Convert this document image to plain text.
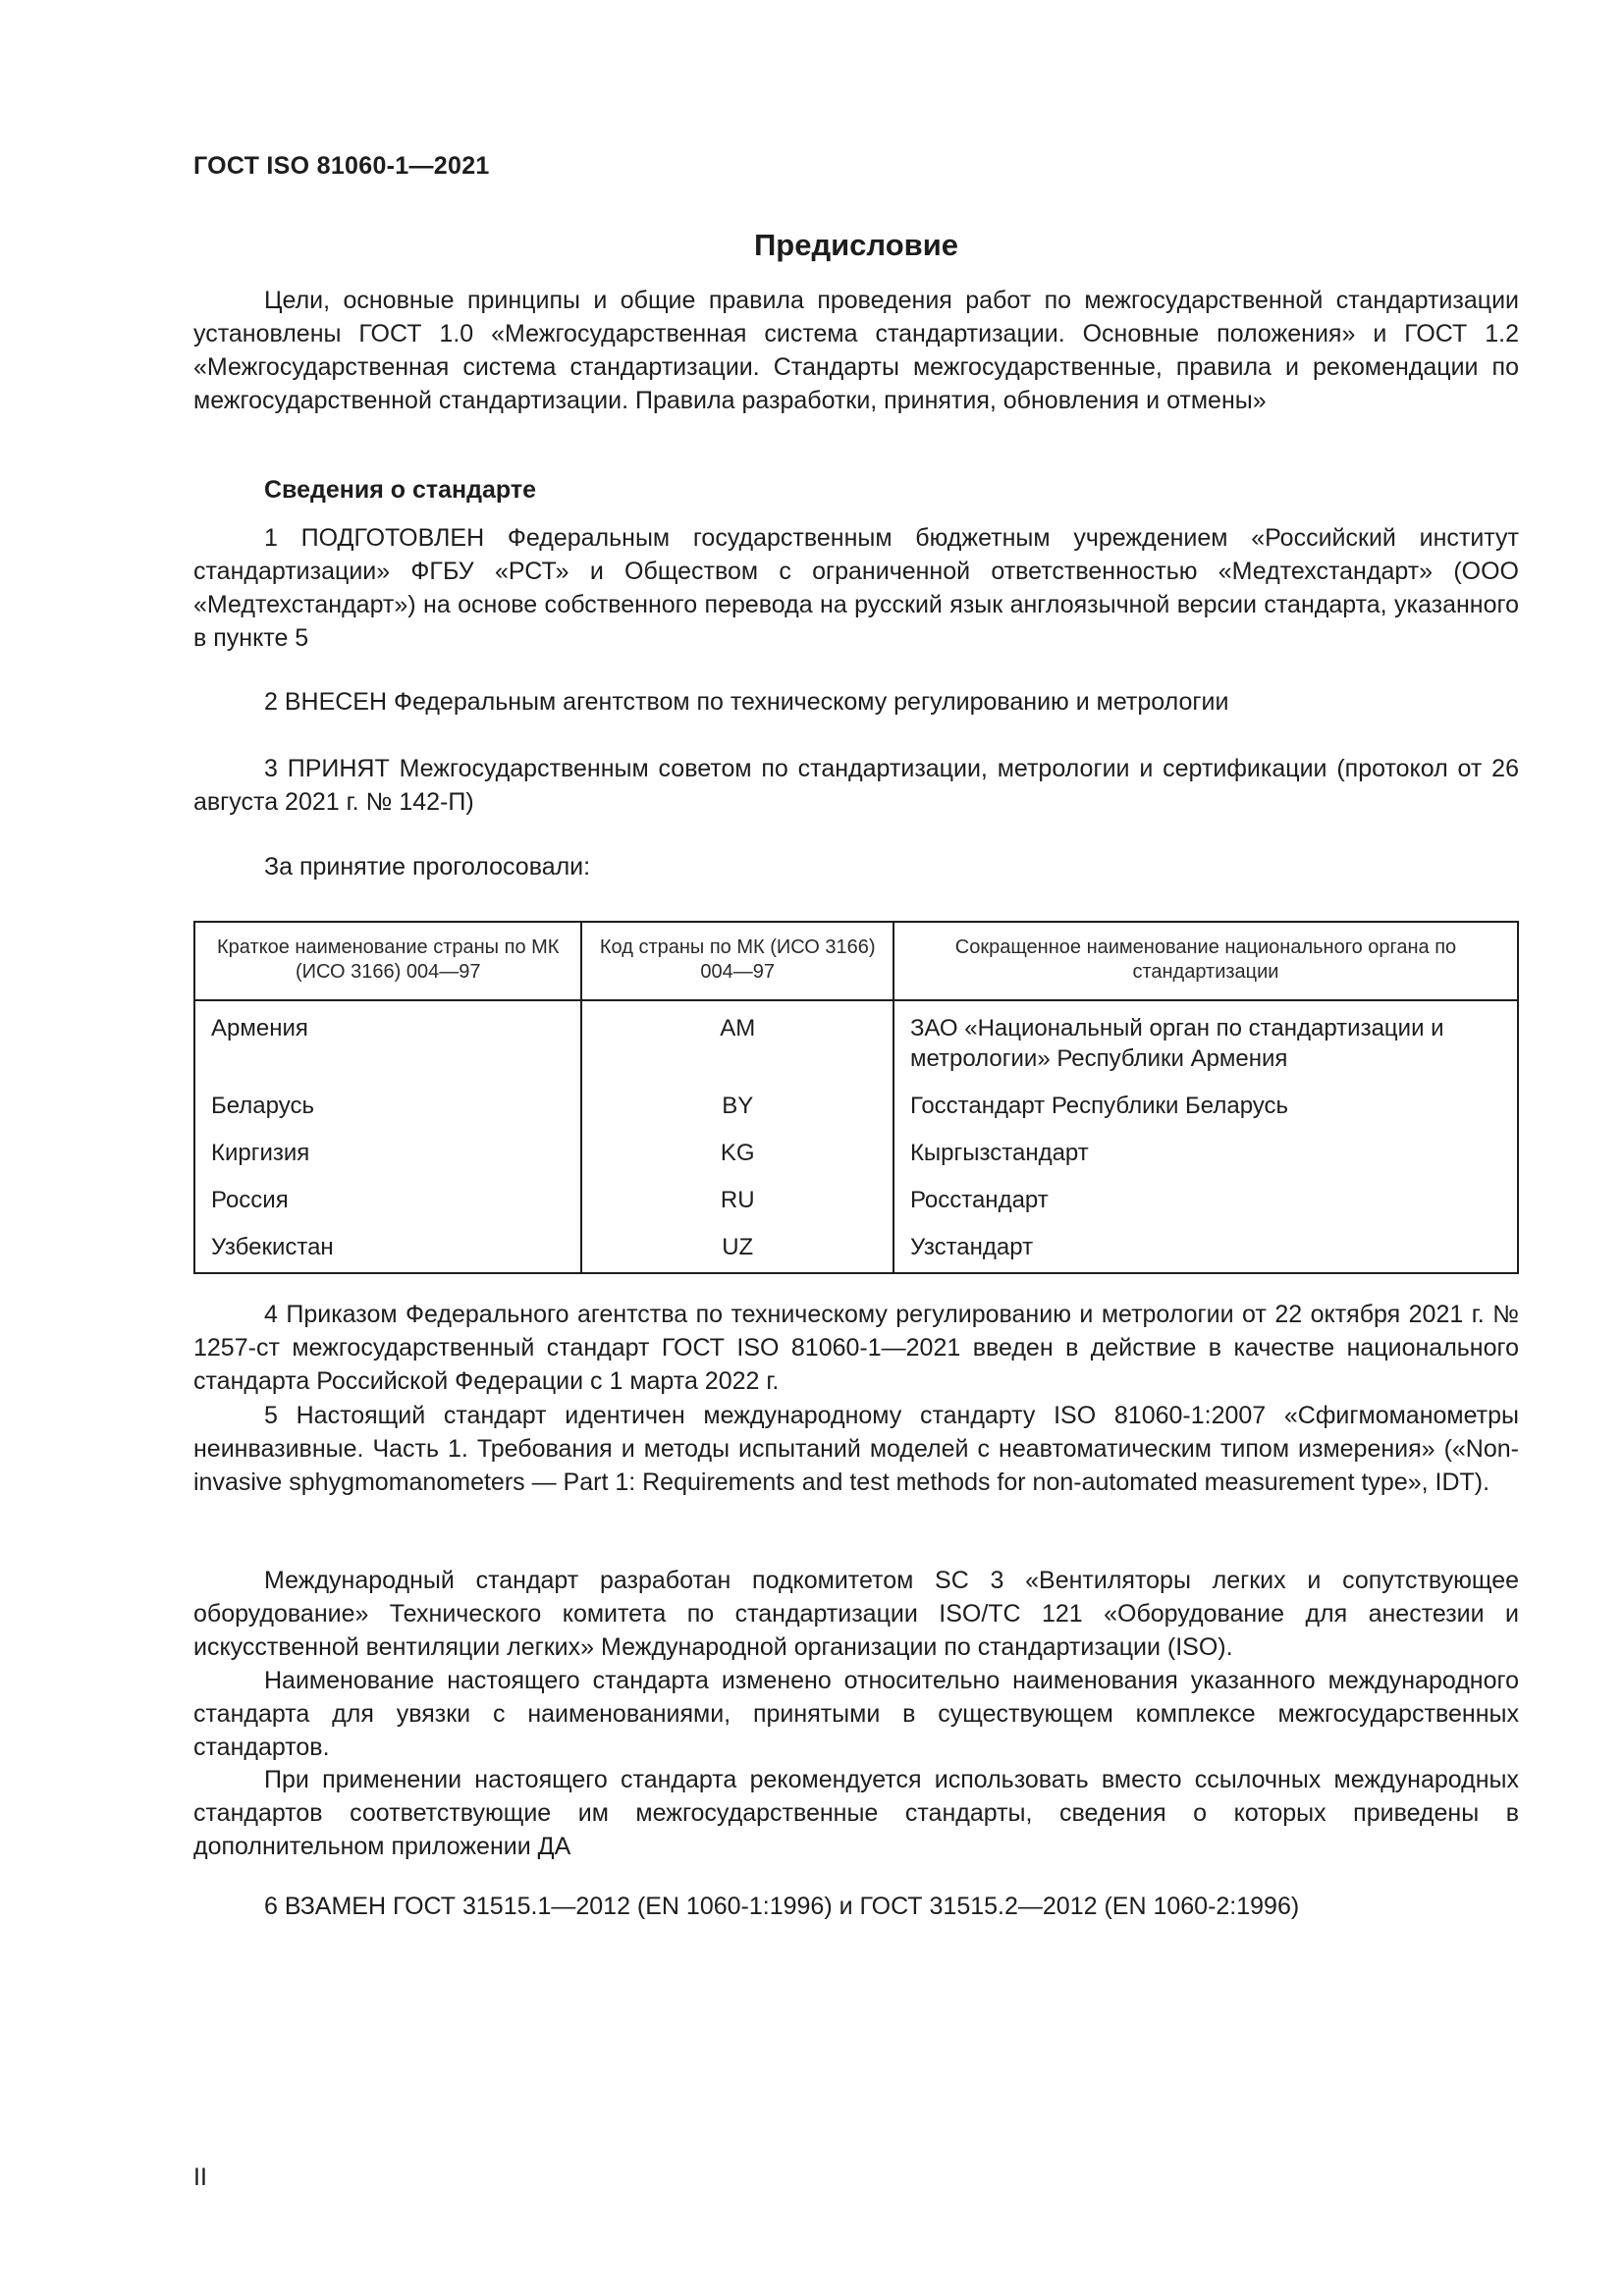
ГОСТ ISO 81060-1—2021
Предисловие

Цели, основные принципы и общие правила проведения работ по межгосударственной стандартизации установлены ГОСТ 1.0 «Межгосударственная система стандартизации. Основные положения» и ГОСТ 1.2 «Межгосударственная система стандартизации. Стандарты межгосударственные, правила и рекомендации по межгосударственной стандартизации. Правила разработки, принятия, обновления и отмены»

Сведения о стандарте

1 ПОДГОТОВЛЕН Федеральным государственным бюджетным учреждением «Российский институт стандартизации» ФГБУ «РСТ» и Обществом с ограниченной ответственностью «Медтехстандарт» (ООО «Медтехстандарт») на основе собственного перевода на русский язык англоязычной версии стандарта, указанного в пункте 5

2 ВНЕСЕН Федеральным агентством по техническому регулированию и метрологии

3 ПРИНЯТ Межгосударственным советом по стандартизации, метрологии и сертификации (протокол от 26 августа 2021 г. № 142-П)

За принятие проголосовали:
Краткое наименование страны по МК (ИСО 3166) 004—97	Код страны по МК (ИСО 3166) 004—97	Сокращенное наименование национального органа по стандартизации
Армения	AM	ЗАО «Национальный орган по стандартизации и метрологии» Республики Армения
Беларусь	BY	Госстандарт Республики Беларусь
Киргизия	KG	Кыргызстандарт
Россия	RU	Росстандарт
Узбекистан	UZ	Узстандарт

4 Приказом Федерального агентства по техническому регулированию и метрологии от 22 октября 2021 г. № 1257-ст межгосударственный стандарт ГОСТ ISO 81060-1—2021 введен в действие в качестве национального стандарта Российской Федерации с 1 марта 2022 г.

5 Настоящий стандарт идентичен международному стандарту ISO 81060-1:2007 «Сфигмоманометры неинвазивные. Часть 1. Требования и методы испытаний моделей с неавтоматическим типом измерения» («Non-invasive sphygmomanometers — Part 1: Requirements and test methods for non-automated measurement type», IDT).

Международный стандарт разработан подкомитетом SC 3 «Вентиляторы легких и сопутствующее оборудование» Технического комитета по стандартизации ISO/TC 121 «Оборудование для анестезии и искусственной вентиляции легких» Международной организации по стандартизации (ISO).

Наименование настоящего стандарта изменено относительно наименования указанного международного стандарта для увязки с наименованиями, принятыми в существующем комплексе межгосударственных стандартов.

При применении настоящего стандарта рекомендуется использовать вместо ссылочных международных стандартов соответствующие им межгосударственные стандарты, сведения о которых приведены в дополнительном приложении ДА

6 ВЗАМЕН ГОСТ 31515.1—2012 (EN 1060-1:1996) и ГОСТ 31515.2—2012 (EN 1060-2:1996)
II
